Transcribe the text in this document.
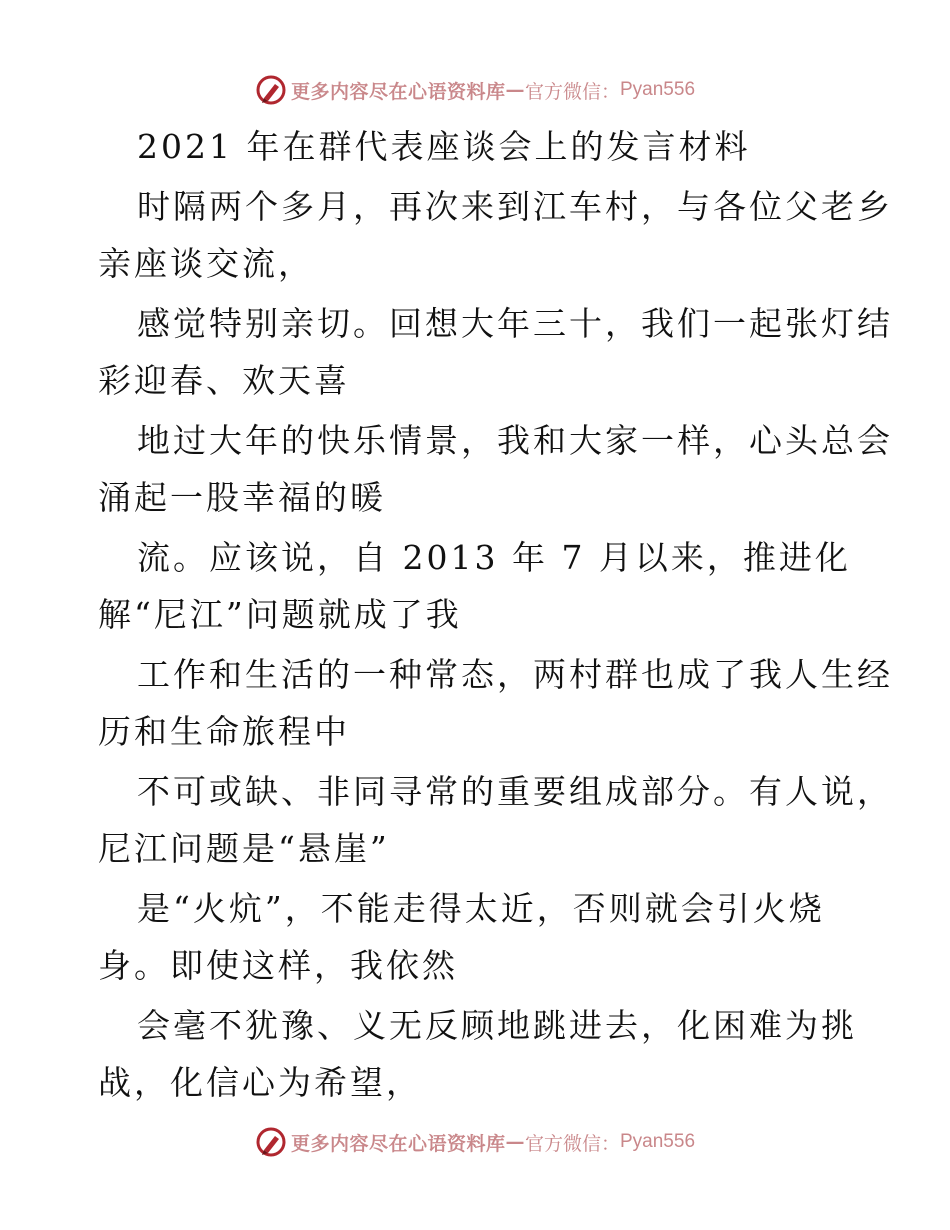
更多内容尽在心语资料库 — 官方微信： Pyan556
2021 年在群代表座谈会上的发言材料
时隔两个多月，再次来到江车村，与各位父老乡
亲座谈交流，
感觉特别亲切。回想大年三十，我们一起张灯结
彩迎春、欢天喜
地过大年的快乐情景，我和大家一样，心头总会
涌起一股幸福的暖
流。应该说，自 2013 年 7 月以来，推进化
解“尼江”问题就成了我
工作和生活的一种常态，两村群也成了我人生经
历和生命旅程中
不可或缺、非同寻常的重要组成部分。有人说，
尼江问题是“悬崖”
是“火炕”，不能走得太近，否则就会引火烧
身。即使这样，我依然
会毫不犹豫、义无反顾地跳进去，化困难为挑
战，化信心为希望，
更多内容尽在心语资料库 — 官方微信： Pyan556
